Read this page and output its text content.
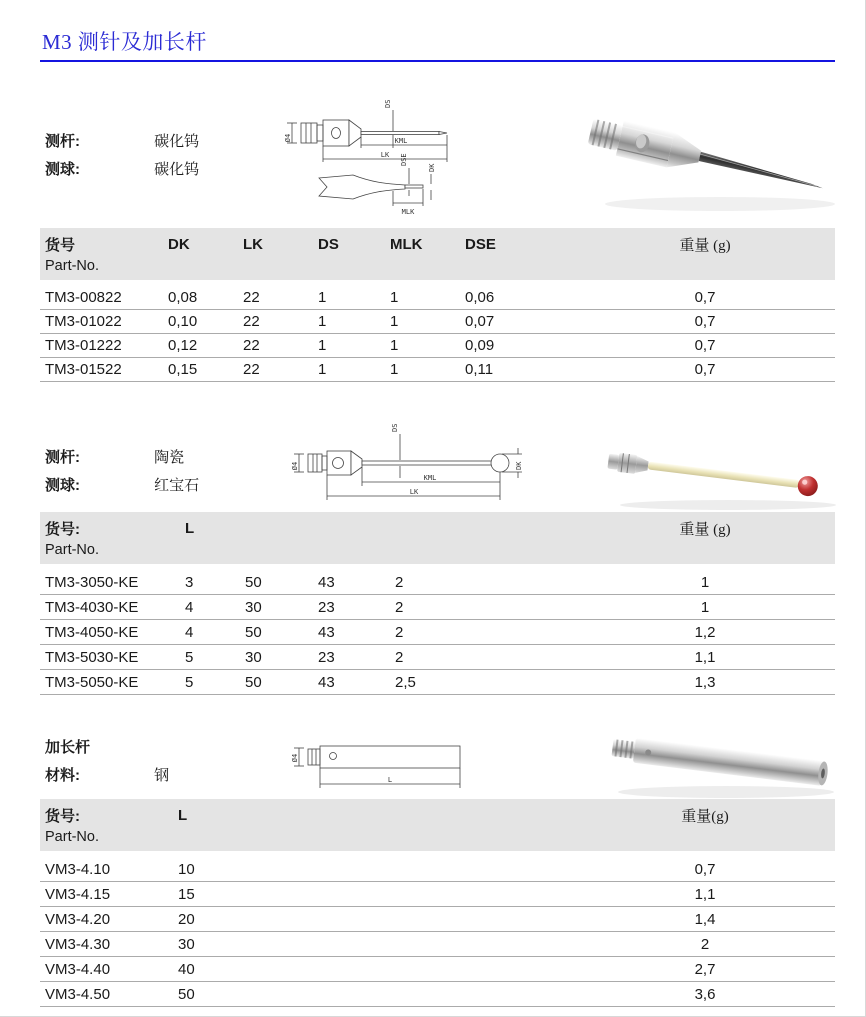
M3 测针及加长杆
测杆:	碳化钨
测球:	碳化钨
Ø4
DS
KML
LK DSE
DK
MLK
货号	DK	LK	DS	MLK	DSE	重量 (g)
Part-No.
TM3-00822	0,08	22	1	1	0,06	0,7
TM3-01022	0,10	22	1	1	0,07	0,7
TM3-01222	0,12	22	1	1	0,09	0,7
TM3-01522	0,15	22	1	1	0,11	0,7
测杆:	陶瓷
测球:	红宝石
Ø4
DS
DK
KML
LK
货号:	L	重量 (g)
Part-No.
TM3-3050-KE	3	50	43	2	1
TM3-4030-KE	4	30	23	2	1
TM3-4050-KE	4	50	43	2	1,2
TM3-5030-KE	5	30	23	2	1,1
TM3-5050-KE	5	50	43	2,5	1,3
加长杆
材料:	钢
Ø4
L
货号:	L	重量(g)
Part-No.
VM3-4.10	10	0,7
VM3-4.15	15	1,1
VM3-4.20	20	1,4
VM3-4.30	30	2
VM3-4.40	40	2,7
VM3-4.50	50	3,6
